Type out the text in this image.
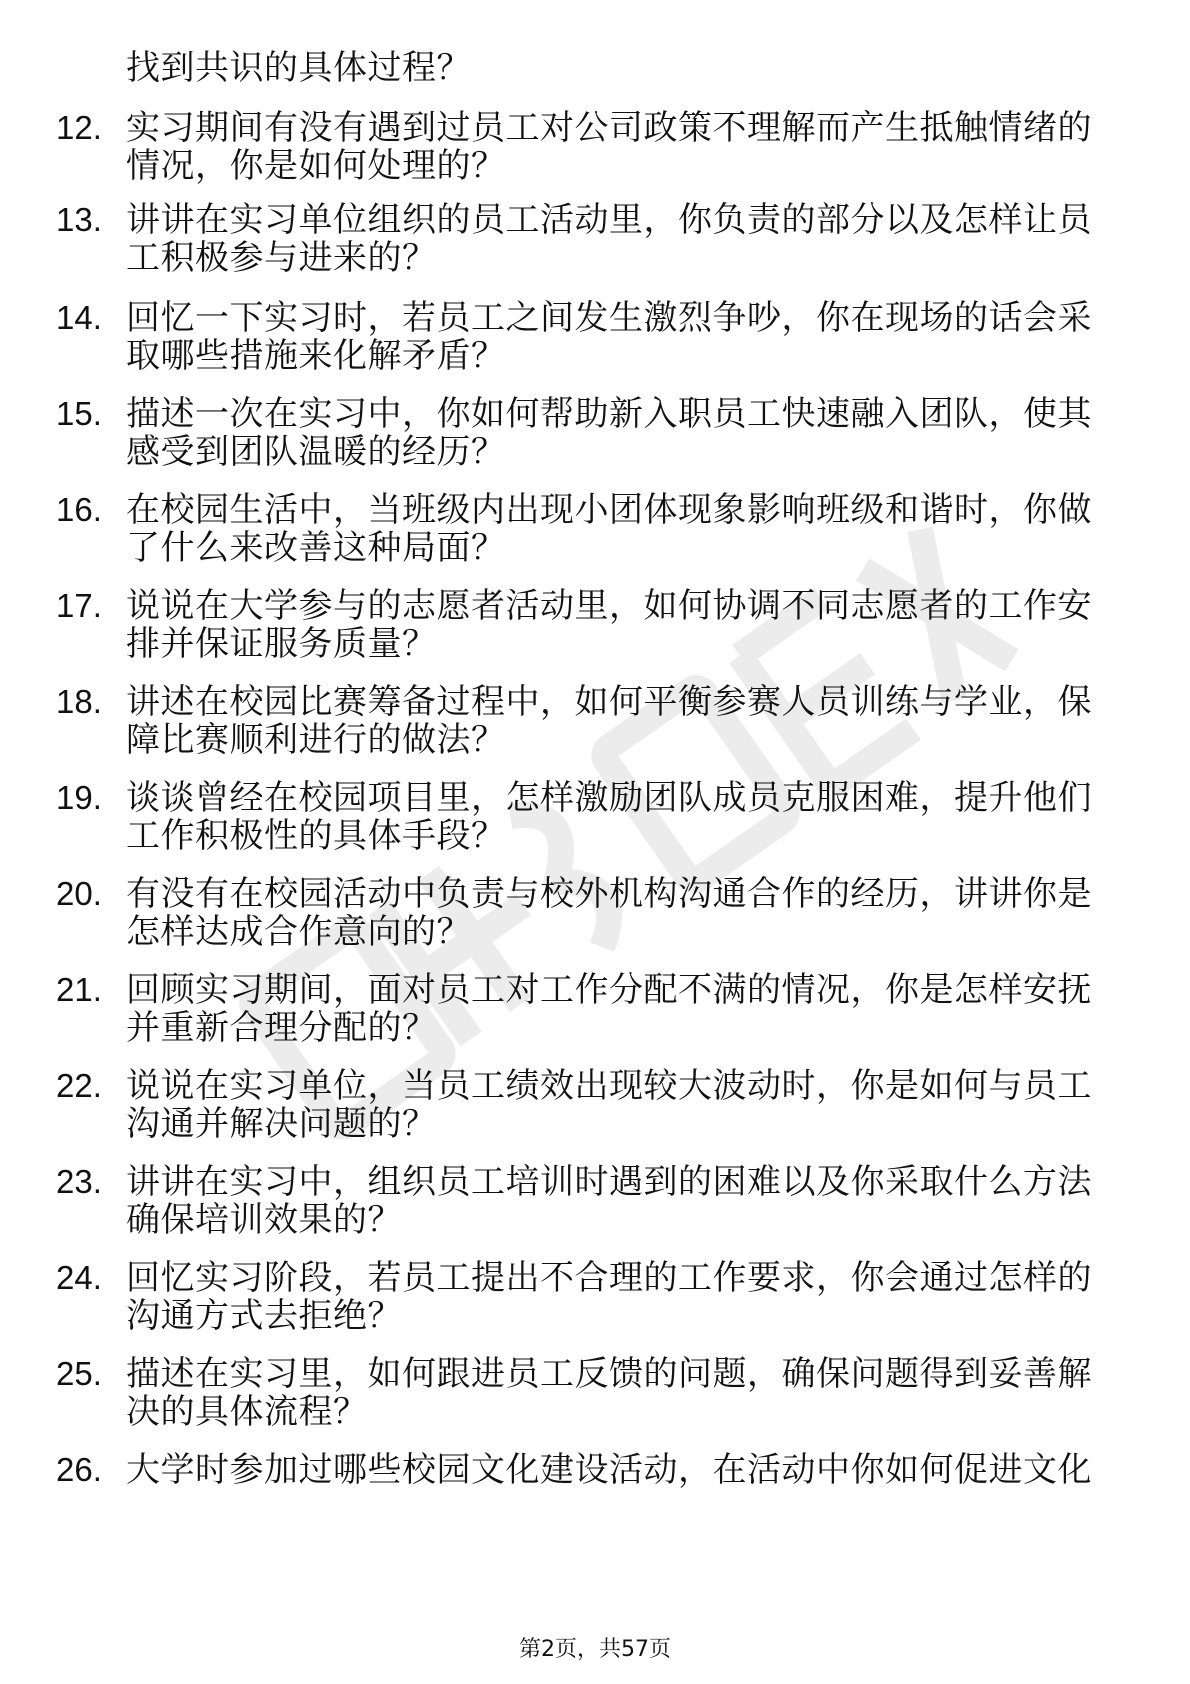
找到共识的具体过程？
12. 实习期间有没有遇到过员工对公司政策不理解而产生抵触情绪的
情况，你是如何处理的？
13. 讲讲在实习单位组织的员工活动里，你负责的部分以及怎样让员
工积极参与进来的？
14. 回忆一下实习时，若员工之间发生激烈争吵，你在现场的话会采
取哪些措施来化解矛盾？
15. 描述一次在实习中，你如何帮助新入职员工快速融入团队，使其
感受到团队温暖的经历？
16. 在校园生活中，当班级内出现小团体现象影响班级和谐时，你做
了什么来改善这种局面？
17. 说说在大学参与的志愿者活动里，如何协调不同志愿者的工作安
排并保证服务质量？
18. 讲述在校园比赛筹备过程中，如何平衡参赛人员训练与学业，保
障比赛顺利进行的做法？
19. 谈谈曾经在校园项目里，怎样激励团队成员克服困难，提升他们
工作积极性的具体手段？
20. 有没有在校园活动中负责与校外机构沟通合作的经历，讲讲你是
怎样达成合作意向的？
21. 回顾实习期间，面对员工对工作分配不满的情况，你是怎样安抚
并重新合理分配的？
22. 说说在实习单位，当员工绩效出现较大波动时，你是如何与员工
沟通并解决问题的？
23. 讲讲在实习中，组织员工培训时遇到的困难以及你采取什么方法
确保培训效果的？
24. 回忆实习阶段，若员工提出不合理的工作要求，你会通过怎样的
沟通方式去拒绝？
25. 描述在实习里，如何跟进员工反馈的问题，确保问题得到妥善解
决的具体流程？
26. 大学时参加过哪些校园文化建设活动，在活动中你如何促进文化
第2页，共57页
